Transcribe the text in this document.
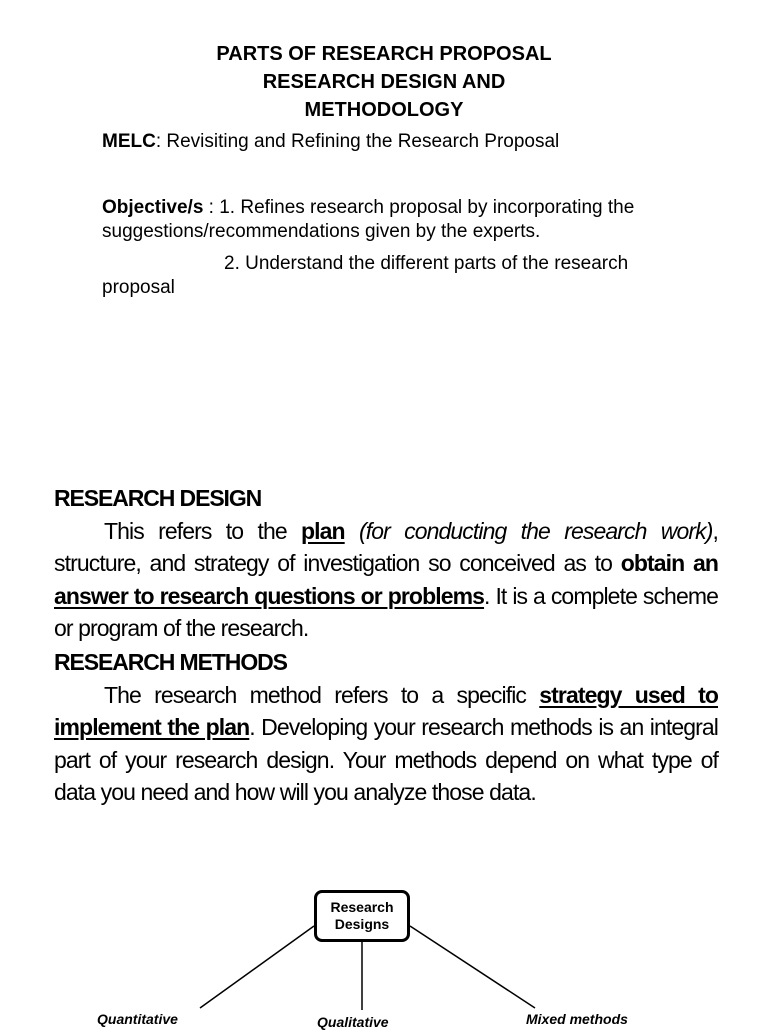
PARTS OF RESEARCH PROPOSAL
RESEARCH DESIGN AND
METHODOLOGY
MELC: Revisiting and Refining the Research Proposal
Objective/s : 1. Refines research proposal by incorporating the
suggestions/recommendations given by the experts.
2. Understand the different parts of the research
proposal
RESEARCH DESIGN

This refers to the plan (for conducting the research work), structure, and strategy of investigation so conceived as to obtain an answer to research questions or problems. It is a complete scheme or program of the research.

RESEARCH METHODS

The research method refers to a specific strategy used to implement the plan. Developing your research methods is an integral part of your research design. Your methods depend on what type of data you need and how will you analyze those data.

Research
Designs
Quantitative	Qualitative	Mixed methods
